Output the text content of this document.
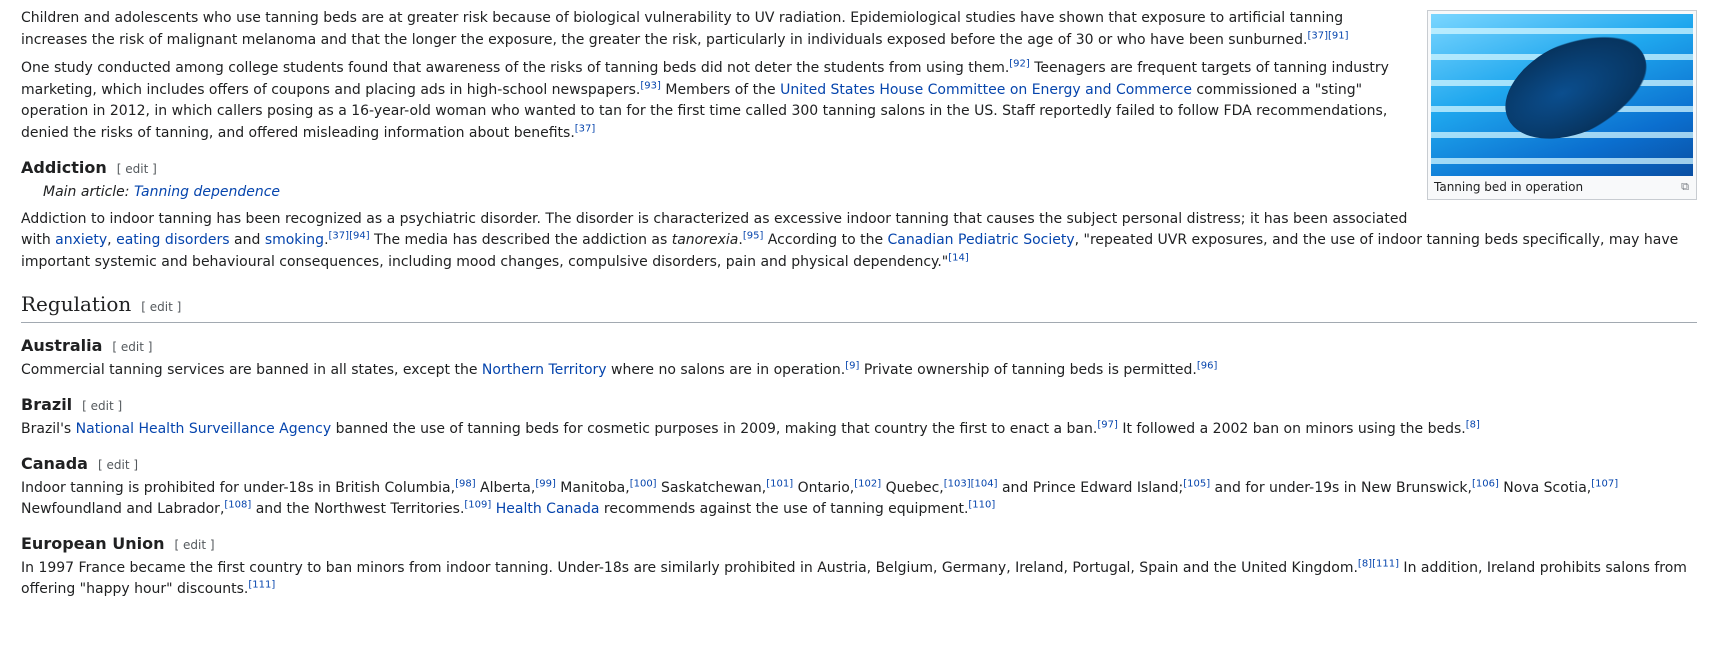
Tanning bed in operation	⧉

Children and adolescents who use tanning beds are at greater risk because of biological vulnerability to UV radiation. Epidemiological studies have shown that exposure to artificial tanning increases the risk of malignant melanoma and that the longer the exposure, the greater the risk, particularly in individuals exposed before the age of 30 or who have been sunburned.[37][91]

One study conducted among college students found that awareness of the risks of tanning beds did not deter the students from using them.[92] Teenagers are frequent targets of tanning industry marketing, which includes offers of coupons and placing ads in high-school newspapers.[93] Members of the United States House Committee on Energy and Commerce commissioned a "sting" operation in 2012, in which callers posing as a 16-year-old woman who wanted to tan for the first time called 300 tanning salons in the US. Staff reportedly failed to follow FDA recommendations, denied the risks of tanning, and offered misleading information about benefits.[37]

Addiction [ edit ]
Main article: Tanning dependence

Addiction to indoor tanning has been recognized as a psychiatric disorder. The disorder is characterized as excessive indoor tanning that causes the subject personal distress; it has been associated with anxiety, eating disorders and smoking.[37][94] The media has described the addiction as tanorexia.[95] According to the Canadian Pediatric Society, "repeated UVR exposures, and the use of indoor tanning beds specifically, may have important systemic and behavioural consequences, including mood changes, compulsive disorders, pain and physical dependency."[14]

Regulation [ edit ]
Australia [ edit ]

Commercial tanning services are banned in all states, except the Northern Territory where no salons are in operation.[9] Private ownership of tanning beds is permitted.[96]

Brazil [ edit ]

Brazil's National Health Surveillance Agency banned the use of tanning beds for cosmetic purposes in 2009, making that country the first to enact a ban.[97] It followed a 2002 ban on minors using the beds.[8]

Canada [ edit ]

Indoor tanning is prohibited for under-18s in British Columbia,[98] Alberta,[99] Manitoba,[100] Saskatchewan,[101] Ontario,[102] Quebec,[103][104] and Prince Edward Island;[105] and for under-19s in New Brunswick,[106] Nova Scotia,[107] Newfoundland and Labrador,[108] and the Northwest Territories.[109] Health Canada recommends against the use of tanning equipment.[110]

European Union [ edit ]

In 1997 France became the first country to ban minors from indoor tanning. Under-18s are similarly prohibited in Austria, Belgium, Germany, Ireland, Portugal, Spain and the United Kingdom.[8][111] In addition, Ireland prohibits salons from offering "happy hour" discounts.[111]
